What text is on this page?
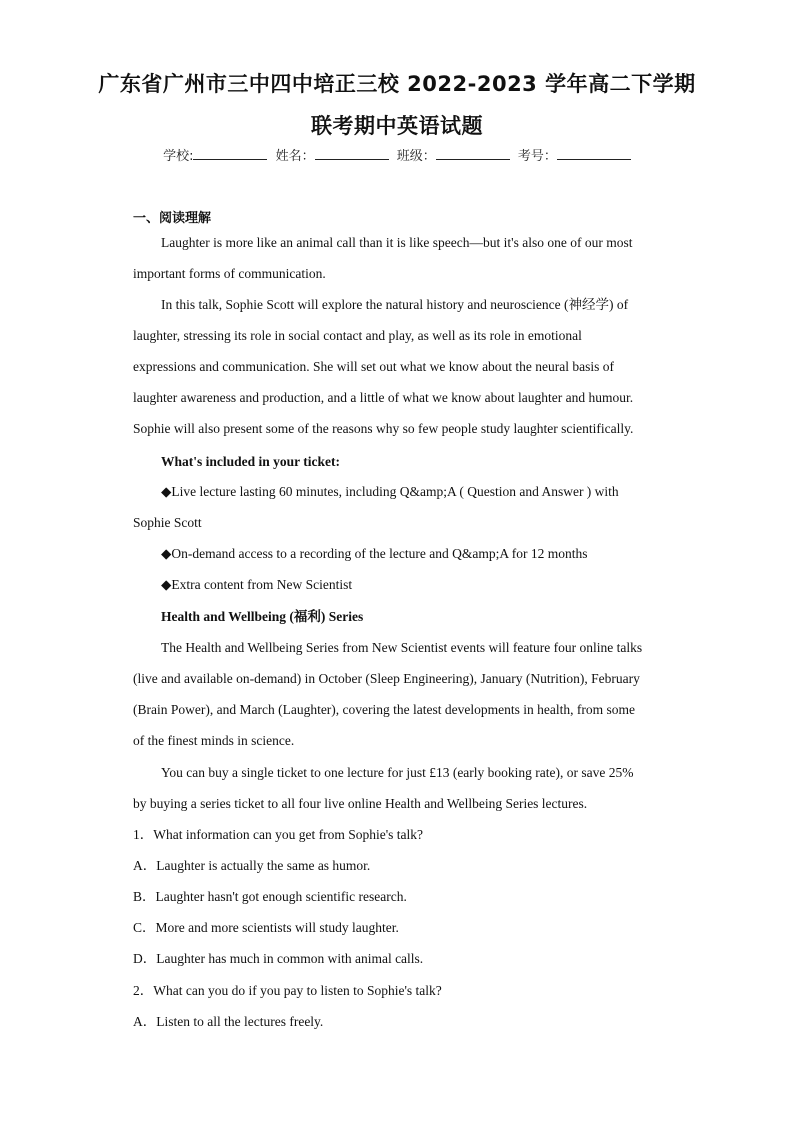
广东省广州市三中四中培正三校 2022-2023 学年高二下学期
联考期中英语试题
学校:	姓名：	班级：	考号：
一、阅读理解
Laughter is more like an animal call than it is like speech—but it's also one of our most
important forms of communication.
In this talk, Sophie Scott will explore the natural history and neuroscience (神经学) of
laughter, stressing its role in social contact and play, as well as its role in emotional
expressions and communication. She will set out what we know about the neural basis of
laughter awareness and production, and a little of what we know about laughter and humour.
Sophie will also present some of the reasons why so few people study laughter scientifically.
What's included in your ticket:
◆Live lecture lasting 60 minutes, including Q&amp;A ( Question and Answer ) with
Sophie Scott
◆On-demand access to a recording of the lecture and Q&amp;A for 12 months
◆Extra content from New Scientist
Health and Wellbeing (福利) Series
The Health and Wellbeing Series from New Scientist events will feature four online talks
(live and available on-demand) in October (Sleep Engineering), January (Nutrition), February
(Brain Power), and March (Laughter), covering the latest developments in health, from some
of the finest minds in science.
You can buy a single ticket to one lecture for just £13 (early booking rate), or save 25%
by buying a series ticket to all four live online Health and Wellbeing Series lectures.
1．What information can you get from Sophie's talk?
A．Laughter is actually the same as humor.
B．Laughter hasn't got enough scientific research.
C．More and more scientists will study laughter.
D．Laughter has much in common with animal calls.
2．What can you do if you pay to listen to Sophie's talk?
A．Listen to all the lectures freely.
